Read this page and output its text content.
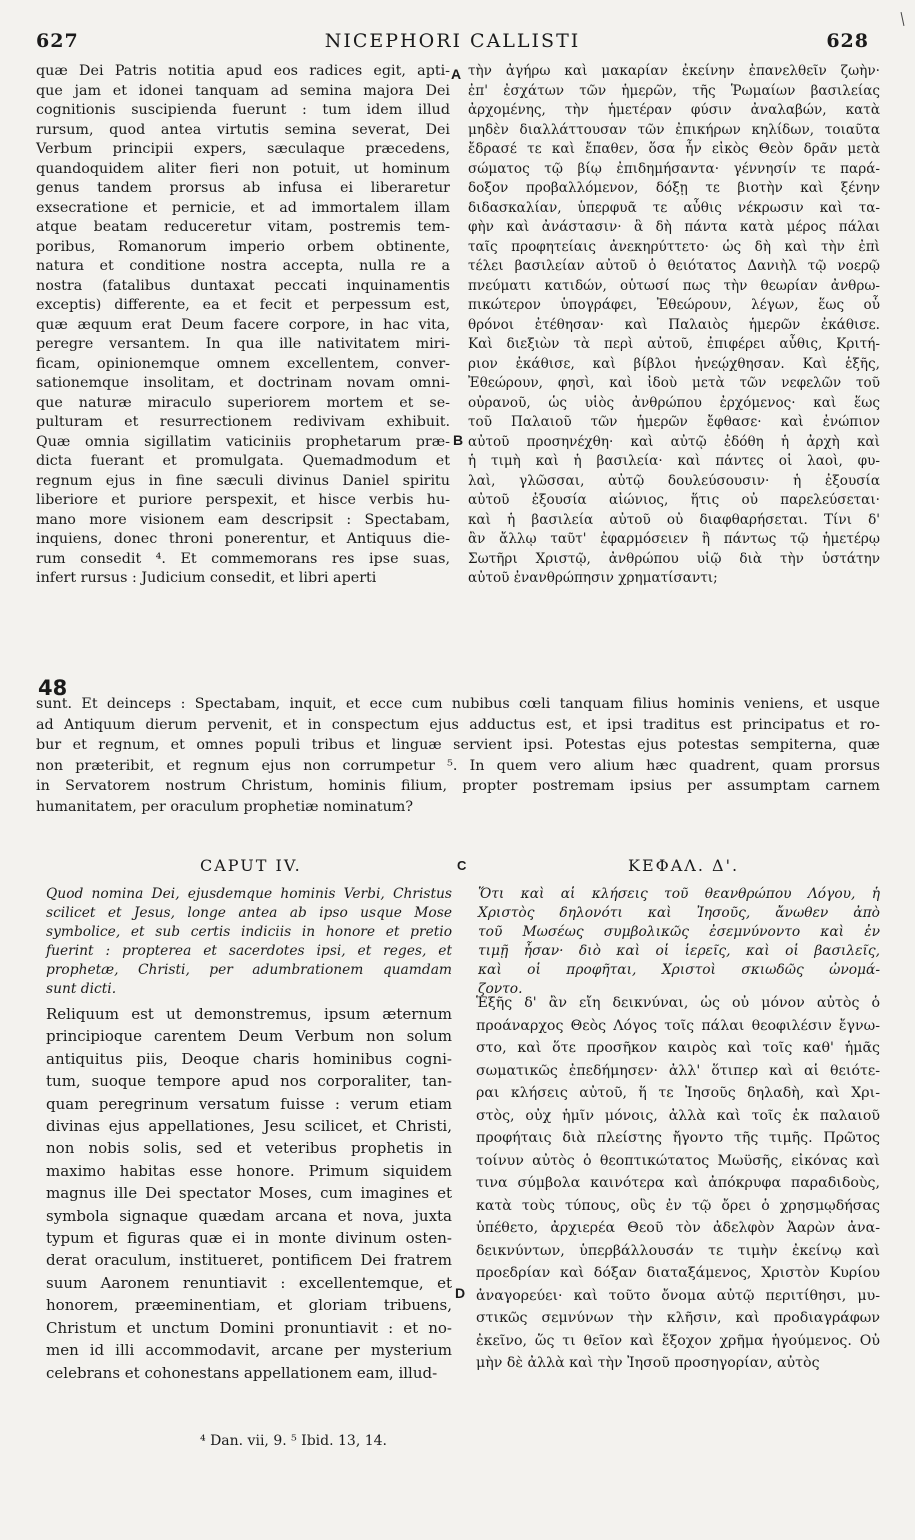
627	NICEPHORI CALLISTI	628
A
B
C
D
48
quæ Dei Patris notitia apud eos radices egit, apti-
que jam et idonei tanquam ad semina majora Dei
cognitionis suscipienda fuerunt : tum idem illud
rursum, quod antea virtutis semina severat, Dei
Verbum principii expers, sæculaque præcedens,
quandoquidem aliter fieri non potuit, ut hominum
genus tandem prorsus ab infusa ei liberaretur
exsecratione et pernicie, et ad immortalem illam
atque beatam reduceretur vitam, postremis tem-
poribus, Romanorum imperio orbem obtinente,
natura et conditione nostra accepta, nulla re a
nostra (fatalibus duntaxat peccati inquinamentis
exceptis) differente, ea et fecit et perpessum est,
quæ æquum erat Deum facere corpore, in hac vita,
peregre versantem. In qua ille nativitatem miri-
ficam, opinionemque omnem excellentem, conver-
sationemque insolitam, et doctrinam novam omni-
que naturæ miraculo superiorem mortem et se-
pulturam et resurrectionem redivivam exhibuit.
Quæ omnia sigillatim vaticiniis prophetarum præ-
dicta fuerant et promulgata. Quemadmodum et
regnum ejus in fine sæculi divinus Daniel spiritu
liberiore et puriore perspexit, et hisce verbis hu-
mano more visionem eam descripsit : Spectabam,
inquiens, donec throni ponerentur, et Antiquus die-
rum consedit ⁴. Et commemorans res ipse suas,
infert rursus : Judicium consedit, et libri aperti
τὴν ἀγήρω καὶ μακαρίαν ἐκείνην ἐπανελθεῖν ζωὴν·
ἐπ' ἐσχάτων τῶν ἡμερῶν, τῆς Ῥωμαίων βασιλείας
ἀρχομένης, τὴν ἡμετέραν φύσιν ἀναλαβών, κατὰ
μηδὲν διαλλάττουσαν τῶν ἐπικήρων κηλίδων, τοιαῦτα
ἔδρασέ τε καὶ ἔπαθεν, ὅσα ἦν εἰκὸς Θεὸν δρᾶν μετὰ
σώματος τῷ βίῳ ἐπιδημήσαντα· γέννησίν τε παρά-
δοξον προβαλλόμενον, δόξῃ τε βιοτὴν καὶ ξένην
διδασκαλίαν, ὑπερφυᾶ τε αὖθις νέκρωσιν καὶ τα-
φὴν καὶ ἀνάστασιν· ἃ δὴ πάντα κατὰ μέρος πάλαι
ταῖς προφητείαις ἀνεκηρύττετο· ὡς δὴ καὶ τὴν ἐπὶ
τέλει βασιλείαν αὐτοῦ ὁ θειότατος Δανιὴλ τῷ νοερῷ
πνεύματι κατιδών, οὑτωσί πως τὴν θεωρίαν ἀνθρω-
πικώτερον ὑπογράφει, Ἐθεώρουν, λέγων, ἕως οὗ
θρόνοι ἐτέθησαν· καὶ Παλαιὸς ἡμερῶν ἐκάθισε.
Καὶ διεξιὼν τὰ περὶ αὐτοῦ, ἐπιφέρει αὖθις, Κριτή-
ριον ἐκάθισε, καὶ βίβλοι ἠνεῴχθησαν. Καὶ ἑξῆς,
Ἐθεώρουν, φησὶ, καὶ ἰδοὺ μετὰ τῶν νεφελῶν τοῦ
οὐρανοῦ, ὡς υἱὸς ἀνθρώπου ἐρχόμενος· καὶ ἕως
τοῦ Παλαιοῦ τῶν ἡμερῶν ἔφθασε· καὶ ἐνώπιον
αὐτοῦ προσηνέχθη· καὶ αὐτῷ ἐδόθη ἡ ἀρχὴ καὶ
ἡ τιμὴ καὶ ἡ βασιλεία· καὶ πάντες οἱ λαοὶ, φυ-
λαὶ, γλῶσσαι, αὐτῷ δουλεύσουσιν· ἡ ἐξουσία
αὐτοῦ ἐξουσία αἰώνιος, ἥτις οὐ παρελεύσεται·
καὶ ἡ βασιλεία αὐτοῦ οὐ διαφθαρήσεται. Τίνι δ'
ἂν ἄλλῳ ταῦτ' ἐφαρμόσειεν ἢ πάντως τῷ ἡμετέρῳ
Σωτῆρι Χριστῷ, ἀνθρώπου υἱῷ διὰ τὴν ὑστάτην
αὐτοῦ ἐνανθρώπησιν χρηματίσαντι;
sunt. Et deinceps : Spectabam, inquit, et ecce cum nubibus cœli tanquam filius hominis veniens, et usque
ad Antiquum dierum pervenit, et in conspectum ejus adductus est, et ipsi traditus est principatus et ro-
bur et regnum, et omnes populi tribus et linguæ servient ipsi. Potestas ejus potestas sempiterna, quæ
non præteribit, et regnum ejus non corrumpetur ⁵. In quem vero alium hæc quadrent, quam prorsus
in Servatorem nostrum Christum, hominis filium, propter postremam ipsius per assumptam carnem
humanitatem, per oraculum prophetiæ nominatum?
CAPUT IV.	ΚΕΦΑΛ. Δ'.
Quod nomina Dei, ejusdemque hominis Verbi, Christus
scilicet et Jesus, longe antea ab ipso usque Mose
symbolice, et sub certis indiciis in honore et pretio
fuerint : propterea et sacerdotes ipsi, et reges, et
prophetæ, Christi, per adumbrationem quamdam
sunt dicti.
Ὅτι καὶ αἱ κλήσεις τοῦ θεανθρώπου Λόγου, ἡ
Χριστὸς δηλονότι καὶ Ἰησοῦς, ἄνωθεν ἀπὸ
τοῦ Μωσέως συμβολικῶς ἐσεμνύνοντο καὶ ἐν
τιμῇ ἦσαν· διὸ καὶ οἱ ἱερεῖς, καὶ οἱ βασιλεῖς,
καὶ οἱ προφῆται, Χριστοὶ σκιωδῶς ὠνομά-
ζοντο.
Reliquum est ut demonstremus, ipsum æternum
principioque carentem Deum Verbum non solum
antiquitus piis, Deoque charis hominibus cogni-
tum, suoque tempore apud nos corporaliter, tan-
quam peregrinum versatum fuisse : verum etiam
divinas ejus appellationes, Jesu scilicet, et Christi,
non nobis solis, sed et veteribus prophetis in
maximo habitas esse honore. Primum siquidem
magnus ille Dei spectator Moses, cum imagines et
symbola signaque quædam arcana et nova, juxta
typum et figuras quæ ei in monte divinum osten-
derat oraculum, institueret, pontificem Dei fratrem
suum Aaronem renuntiavit : excellentemque, et
honorem, præeminentiam, et gloriam tribuens,
Christum et unctum Domini pronuntiavit : et no-
men id illi accommodavit, arcane per mysterium
celebrans et cohonestans appellationem eam, illud-
Ἑξῆς δ' ἂν εἴη δεικνύναι, ὡς οὐ μόνον αὐτὸς ὁ
προάναρχος Θεὸς Λόγος τοῖς πάλαι θεοφιλέσιν ἔγνω-
στο, καὶ ὅτε προσῆκον καιρὸς καὶ τοῖς καθ' ἡμᾶς
σωματικῶς ἐπεδήμησεν· ἀλλ' ὅτιπερ καὶ αἱ θειότε-
ραι κλήσεις αὐτοῦ, ἥ τε Ἰησοῦς δηλαδὴ, καὶ Χρι-
στὸς, οὐχ ἡμῖν μόνοις, ἀλλὰ καὶ τοῖς ἐκ παλαιοῦ
προφήταις διὰ πλείστης ἤγοντο τῆς τιμῆς. Πρῶτος
τοίνυν αὐτὸς ὁ θεοπτικώτατος Μωϋσῆς, εἰκόνας καὶ
τινα σύμβολα καινότερα καὶ ἀπόκρυφα παραδιδοὺς,
κατὰ τοὺς τύπους, οὓς ἐν τῷ ὄρει ὁ χρησμῳδήσας
ὑπέθετο, ἀρχιερέα Θεοῦ τὸν ἀδελφὸν Ἀαρὼν ἀνα-
δεικνύντων, ὑπερβάλλουσάν τε τιμὴν ἐκείνῳ καὶ
προεδρίαν καὶ δόξαν διαταξάμενος, Χριστὸν Κυρίου
ἀναγορεύει· καὶ τοῦτο ὄνομα αὐτῷ περιτίθησι, μυ-
στικῶς σεμνύνων τὴν κλῆσιν, καὶ προδιαγράφων
ἐκεῖνο, ὥς τι θεῖον καὶ ἔξοχον χρῆμα ἡγούμενος. Οὐ
μὴν δὲ ἀλλὰ καὶ τὴν Ἰησοῦ προσηγορίαν, αὐτὸς
⁴ Dan. vii, 9. ⁵ Ibid. 13, 14.
